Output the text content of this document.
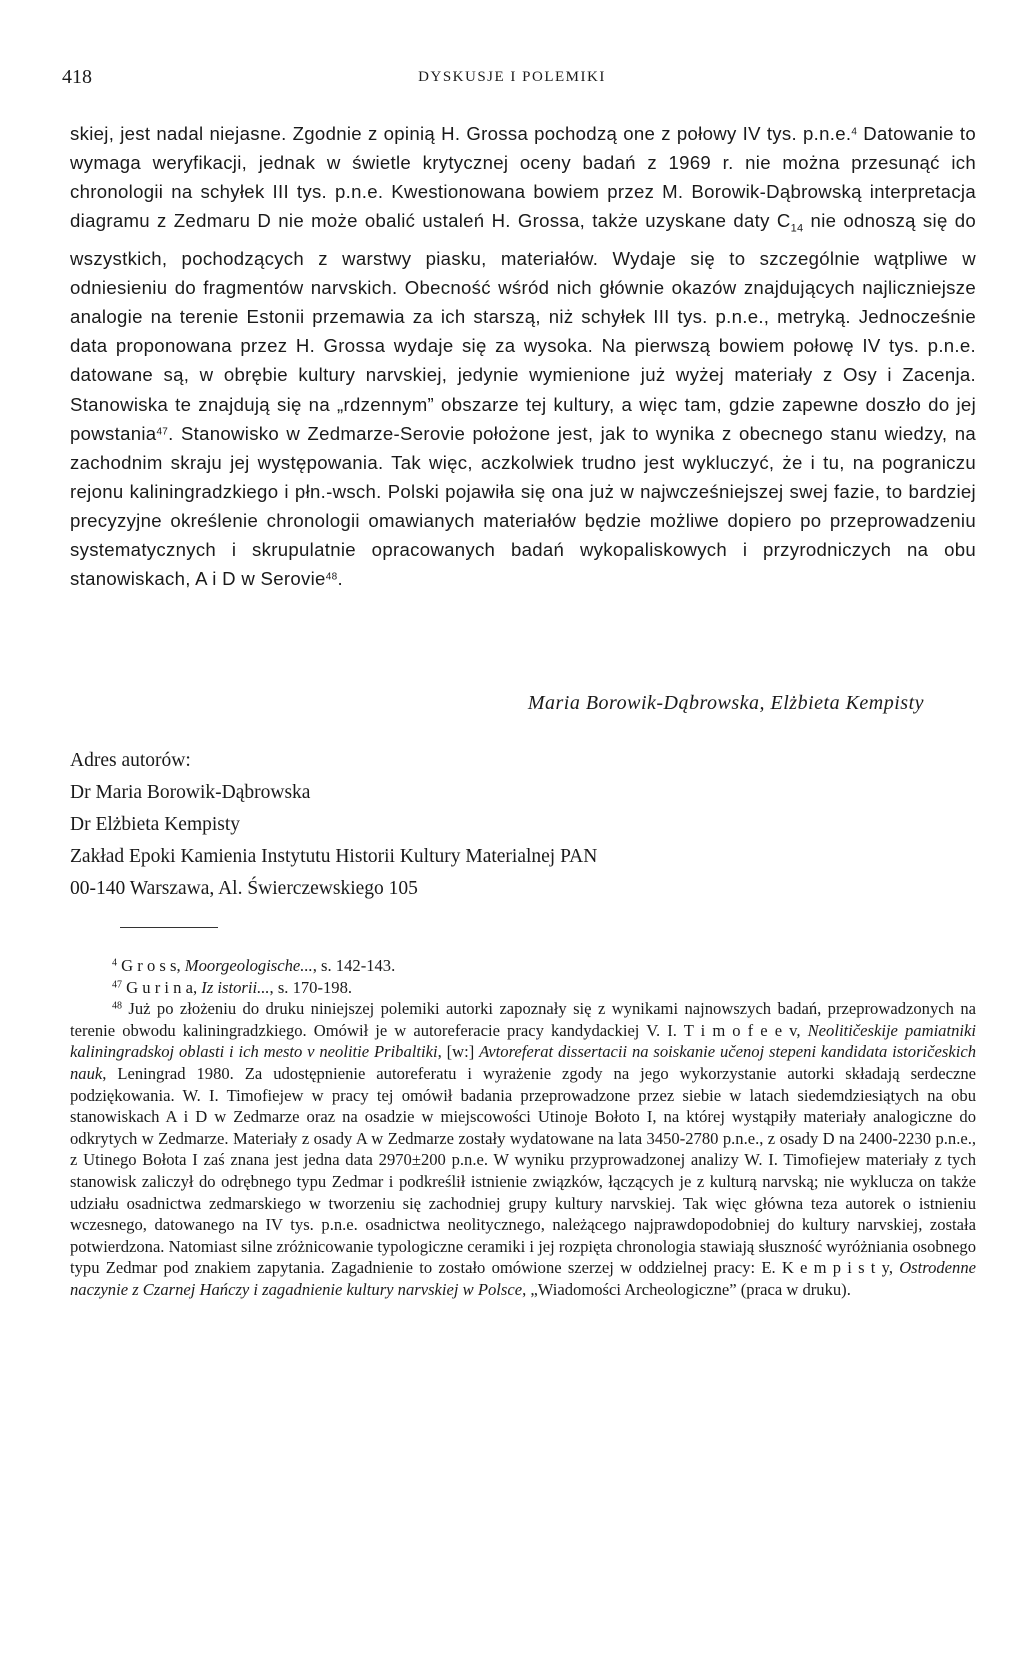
418	DYSKUSJE I POLEMIKI

skiej, jest nadal niejasne. Zgodnie z opinią H. Grossa pochodzą one z połowy IV tys. p.n.e.$^4$ Datowanie to wymaga weryfikacji, jednak w świetle krytycznej oceny badań z 1969 r. nie można przesunąć ich chronologii na schyłek III tys. p.n.e. Kwestionowana bowiem przez M. Borowik-Dąbrowską interpretacja diagramu z Zedmaru D nie może obalić ustaleń H. Grossa, także uzyskane daty $C_{14}$ nie odnoszą się do wszystkich, pochodzących z warstwy piasku, materiałów. Wydaje się to szczególnie wątpliwe w odniesieniu do fragmentów narvskich. Obecność wśród nich głównie okazów znajdujących najliczniejsze analogie na terenie Estonii przemawia za ich starszą, niż schyłek III tys. p.n.e., metryką. Jednocześnie data proponowana przez H. Grossa wydaje się za wysoka. Na pierwszą bowiem połowę IV tys. p.n.e. datowane są, w obrębie kultury narvskiej, jedynie wymienione już wyżej materiały z Osy i Zacenja. Stanowiska te znajdują się na „rdzennym” obszarze tej kultury, a więc tam, gdzie zapewne doszło do jej powstania$^{47}$. Stanowisko w Zedmarze-Serovie położone jest, jak to wynika z obecnego stanu wiedzy, na zachodnim skraju jej występowania. Tak więc, aczkolwiek trudno jest wykluczyć, że i tu, na pograniczu rejonu kaliningradzkiego i płn.-wsch. Polski pojawiła się ona już w najwcześniejszej swej fazie, to bardziej precyzyjne określenie chronologii omawianych materiałów będzie możliwe dopiero po przeprowadzeniu systematycznych i skrupulatnie opracowanych badań wykopaliskowych i przyrodniczych na obu stanowiskach, A i D w Serovie$^{48}$.

Maria Borowik-Dąbrowska, Elżbieta Kempisty
Adres autorów:
Dr Maria Borowik-Dąbrowska
Dr Elżbieta Kempisty
Zakład Epoki Kamienia Instytutu Historii Kultury Materialnej PAN
00-140 Warszawa, Al. Świerczewskiego 105
$^4$ G r o s s, Moorgeologische..., s. 142-143.
$^{47}$ G u r i n a, Iz istorii..., s. 170-198.
$^{48}$ Już po złożeniu do druku niniejszej polemiki autorki zapoznały się z wynikami najnowszych badań, przeprowadzonych na terenie obwodu kaliningradzkiego. Omówił je w autoreferacie pracy kandydackiej V. I. T i m o f e e v, Neolitičeskije pamiatniki kaliningradskoj oblasti i ich mesto v neolitie Pribaltiki, [w:] Avtoreferat dissertacii na soiskanie učenoj stepeni kandidata istoričeskich nauk, Leningrad 1980. Za udostępnienie autoreferatu i wyrażenie zgody na jego wykorzystanie autorki składają serdeczne podziękowania. W. I. Timofiejew w pracy tej omówił badania przeprowadzone przez siebie w latach siedemdziesiątych na obu stanowiskach A i D w Zedmarze oraz na osadzie w miejscowości Utinoje Bołoto I, na której wystąpiły materiały analogiczne do odkrytych w Zedmarze. Materiały z osady A w Zedmarze zostały wydatowane na lata 3450-2780 p.n.e., z osady D na 2400-2230 p.n.e., z Utinego Bołota I zaś znana jest jedna data 2970±200 p.n.e. W wyniku przyprowadzonej analizy W. I. Timofiejew materiały z tych stanowisk zaliczył do odrębnego typu Zedmar i podkreślił istnienie związków, łączących je z kulturą narvską; nie wyklucza on także udziału osadnictwa zedmarskiego w tworzeniu się zachodniej grupy kultury narvskiej. Tak więc główna teza autorek o istnieniu wczesnego, datowanego na IV tys. p.n.e. osadnictwa neolitycznego, należącego najprawdopodobniej do kultury narvskiej, została potwierdzona. Natomiast silne zróżnicowanie typologiczne ceramiki i jej rozpięta chronologia stawiają słuszność wyróżniania osobnego typu Zedmar pod znakiem zapytania. Zagadnienie to zostało omówione szerzej w oddzielnej pracy: E. K e m p i s t y, Ostrodenne naczynie z Czarnej Hańczy i zagadnienie kultury narvskiej w Polsce, „Wiadomości Archeologiczne” (praca w druku).
